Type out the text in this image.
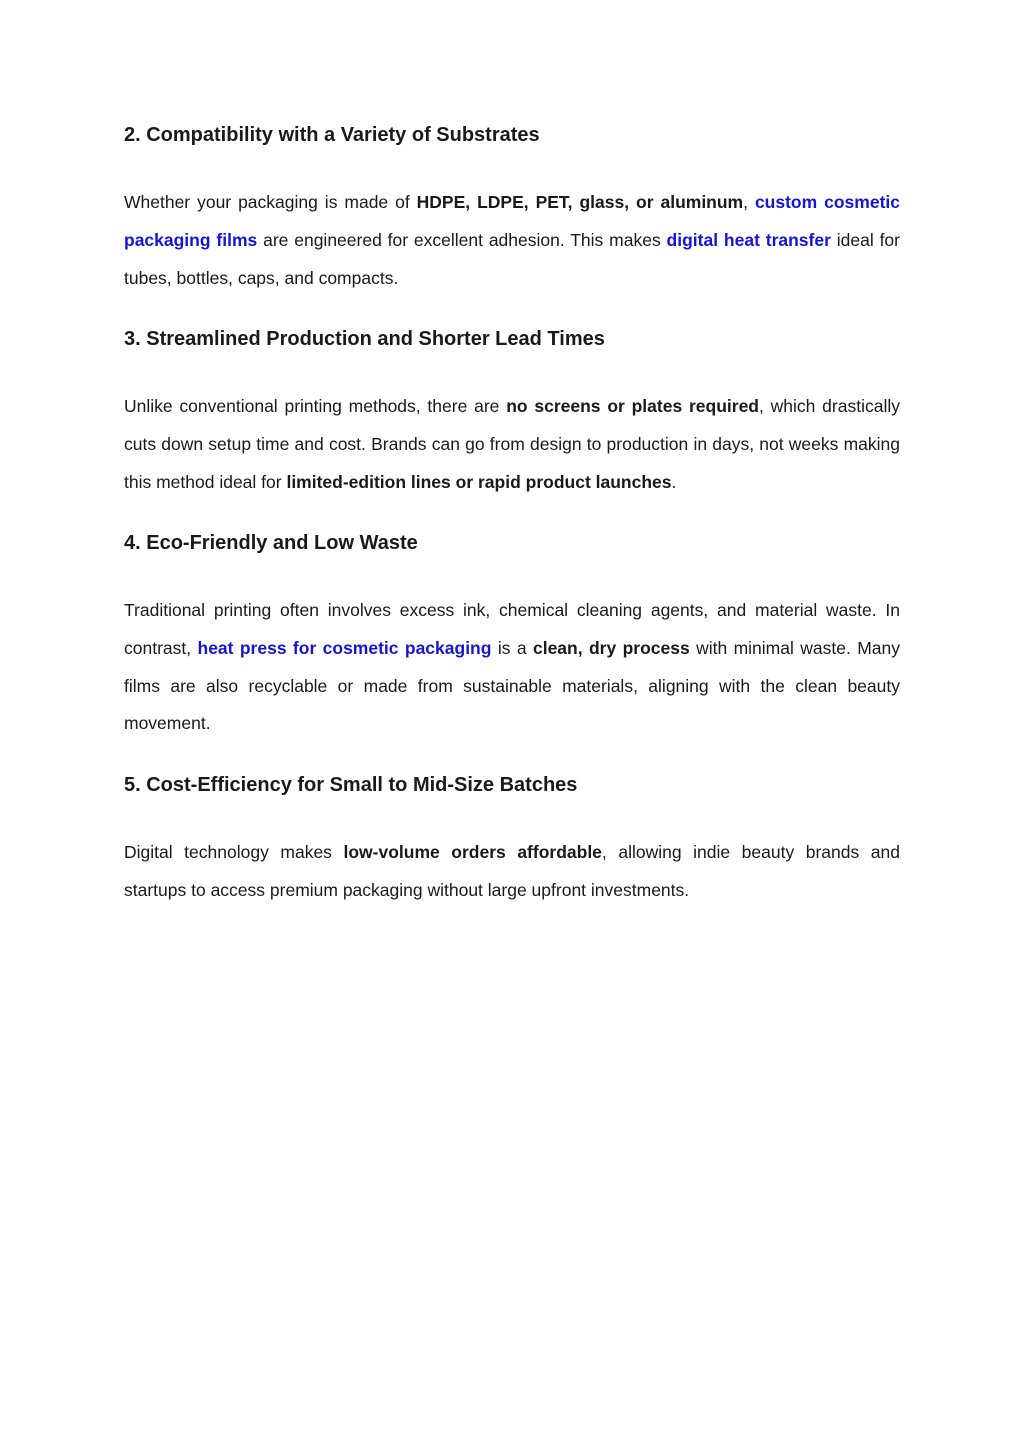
2. Compatibility with a Variety of Substrates

Whether your packaging is made of HDPE, LDPE, PET, glass, or aluminum, custom cosmetic packaging films are engineered for excellent adhesion. This makes digital heat transfer ideal for tubes, bottles, caps, and compacts.

3. Streamlined Production and Shorter Lead Times

Unlike conventional printing methods, there are no screens or plates required, which drastically cuts down setup time and cost. Brands can go from design to production in days, not weeks making this method ideal for limited-edition lines or rapid product launches.

4. Eco-Friendly and Low Waste

Traditional printing often involves excess ink, chemical cleaning agents, and material waste. In contrast, heat press for cosmetic packaging is a clean, dry process with minimal waste. Many films are also recyclable or made from sustainable materials, aligning with the clean beauty movement.

5. Cost-Efficiency for Small to Mid-Size Batches

Digital technology makes low-volume orders affordable, allowing indie beauty brands and startups to access premium packaging without large upfront investments.
